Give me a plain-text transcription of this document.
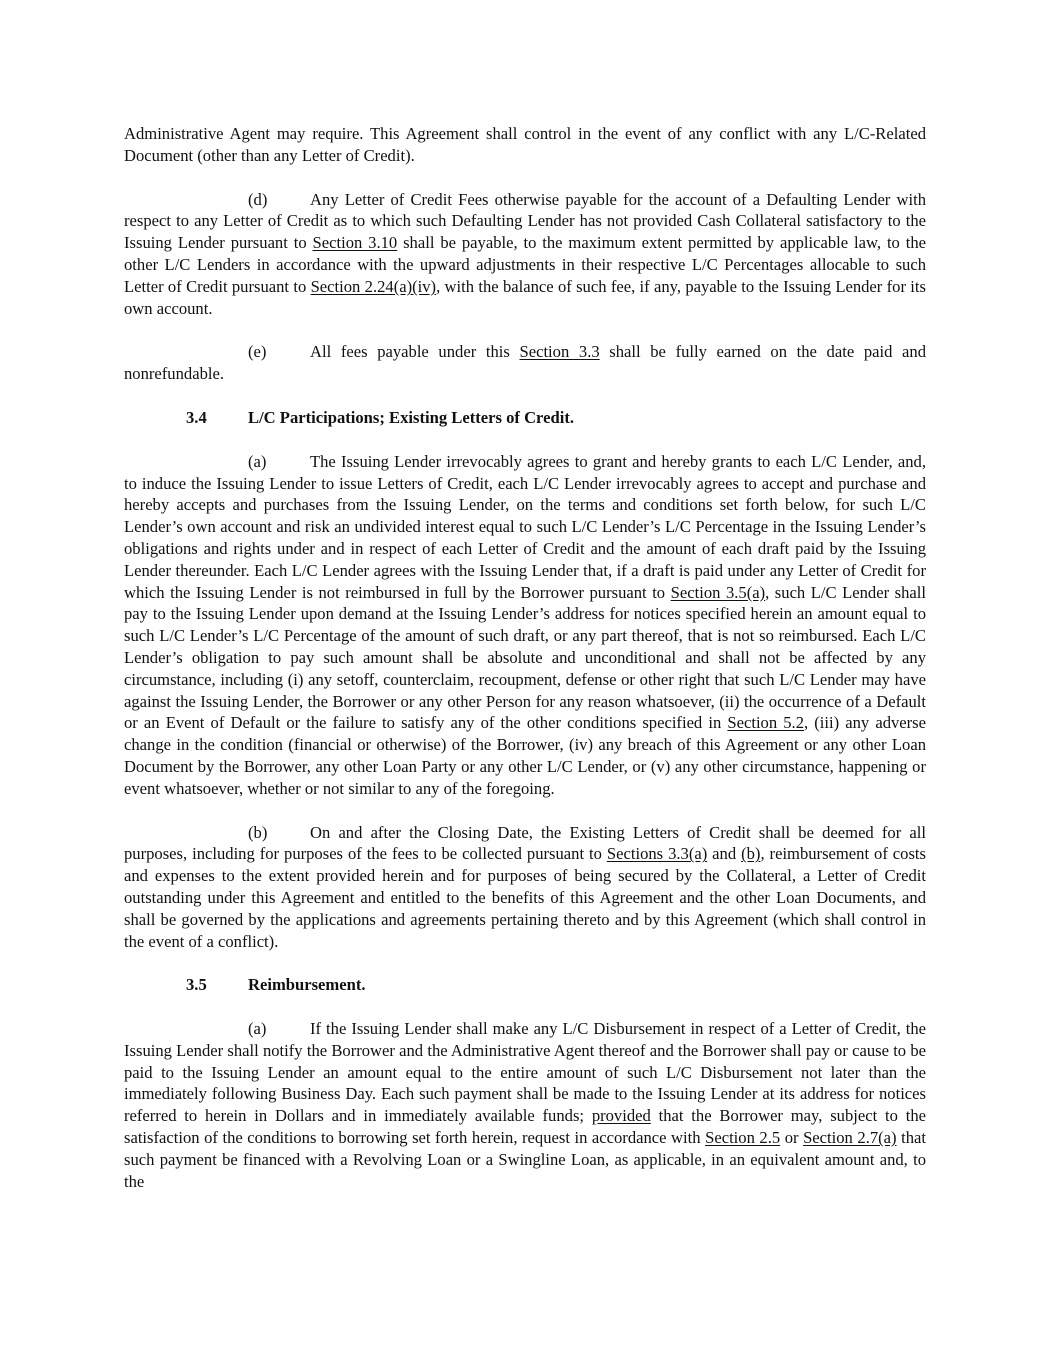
Administrative Agent may require. This Agreement shall control in the event of any conflict with any L/C-Related Document (other than any Letter of Credit).

(d)	Any Letter of Credit Fees otherwise payable for the account of a Defaulting Lender with respect to any Letter of Credit as to which such Defaulting Lender has not provided Cash Collateral satisfactory to the Issuing Lender pursuant to Section 3.10 shall be payable, to the maximum extent permitted by applicable law, to the other L/C Lenders in accordance with the upward adjustments in their respective L/C Percentages allocable to such Letter of Credit pursuant to Section 2.24(a)(iv), with the balance of such fee, if any, payable to the Issuing Lender for its own account.

(e)	All fees payable under this Section 3.3 shall be fully earned on the date paid and nonrefundable.

3.4 L/C Participations; Existing Letters of Credit.

(a)	The Issuing Lender irrevocably agrees to grant and hereby grants to each L/C Lender, and, to induce the Issuing Lender to issue Letters of Credit, each L/C Lender irrevocably agrees to accept and purchase and hereby accepts and purchases from the Issuing Lender, on the terms and conditions set forth below, for such L/C Lender’s own account and risk an undivided interest equal to such L/C Lender’s L/C Percentage in the Issuing Lender’s obligations and rights under and in respect of each Letter of Credit and the amount of each draft paid by the Issuing Lender thereunder. Each L/C Lender agrees with the Issuing Lender that, if a draft is paid under any Letter of Credit for which the Issuing Lender is not reimbursed in full by the Borrower pursuant to Section 3.5(a), such L/C Lender shall pay to the Issuing Lender upon demand at the Issuing Lender’s address for notices specified herein an amount equal to such L/C Lender’s L/C Percentage of the amount of such draft, or any part thereof, that is not so reimbursed. Each L/C Lender’s obligation to pay such amount shall be absolute and unconditional and shall not be affected by any circumstance, including (i) any setoff, counterclaim, recoupment, defense or other right that such L/C Lender may have against the Issuing Lender, the Borrower or any other Person for any reason whatsoever, (ii) the occurrence of a Default or an Event of Default or the failure to satisfy any of the other conditions specified in Section 5.2, (iii) any adverse change in the condition (financial or otherwise) of the Borrower, (iv) any breach of this Agreement or any other Loan Document by the Borrower, any other Loan Party or any other L/C Lender, or (v) any other circumstance, happening or event whatsoever, whether or not similar to any of the foregoing.

(b)	On and after the Closing Date, the Existing Letters of Credit shall be deemed for all purposes, including for purposes of the fees to be collected pursuant to Sections 3.3(a) and (b), reimbursement of costs and expenses to the extent provided herein and for purposes of being secured by the Collateral, a Letter of Credit outstanding under this Agreement and entitled to the benefits of this Agreement and the other Loan Documents, and shall be governed by the applications and agreements pertaining thereto and by this Agreement (which shall control in the event of a conflict).

3.5 Reimbursement.

(a)	If the Issuing Lender shall make any L/C Disbursement in respect of a Letter of Credit, the Issuing Lender shall notify the Borrower and the Administrative Agent thereof and the Borrower shall pay or cause to be paid to the Issuing Lender an amount equal to the entire amount of such L/C Disbursement not later than the immediately following Business Day. Each such payment shall be made to the Issuing Lender at its address for notices referred to herein in Dollars and in immediately available funds; provided that the Borrower may, subject to the satisfaction of the conditions to borrowing set forth herein, request in accordance with Section 2.5 or Section 2.7(a) that such payment be financed with a Revolving Loan or a Swingline Loan, as applicable, in an equivalent amount and, to the
